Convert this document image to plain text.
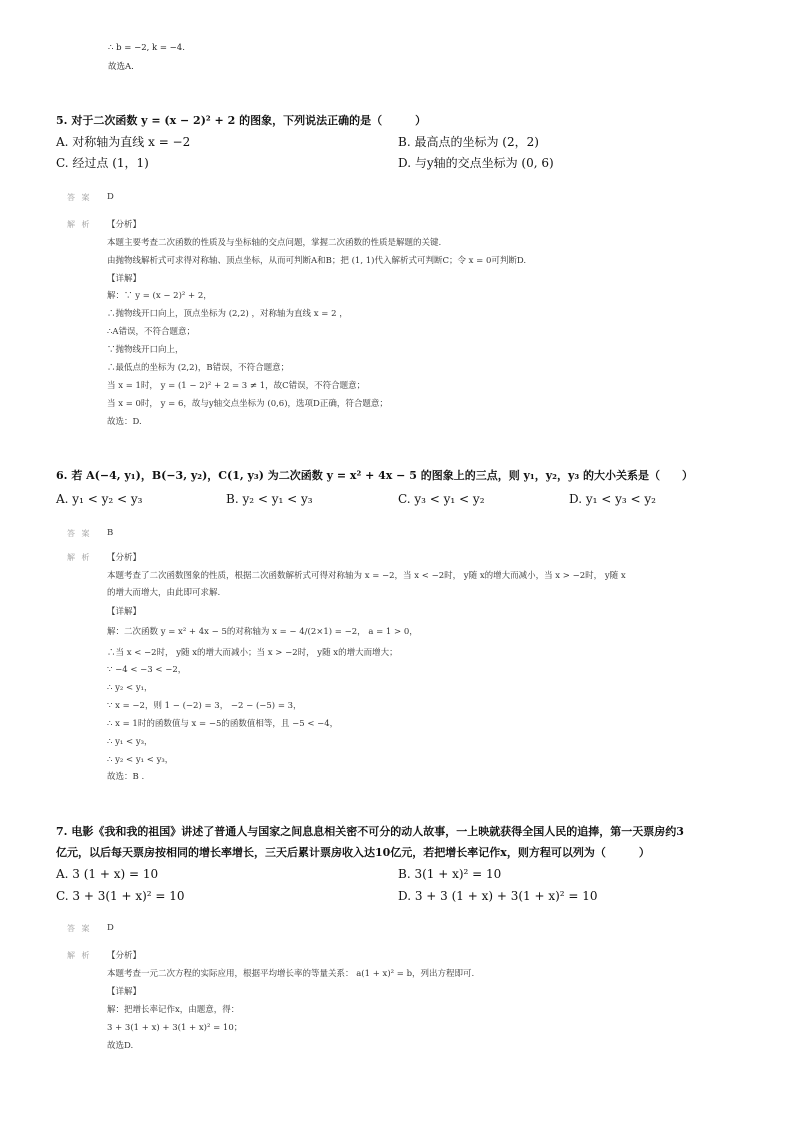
∴ b = −2, k = −4.
故选A.
5. 对于二次函数 y = (x − 2)² + 2 的图象，下列说法正确的是（　　　）
A. 对称轴为直线 x = −2	B. 最高点的坐标为 (2，2)
C. 经过点 (1，1)	D. 与y轴的交点坐标为 (0, 6)
答 案 D
解 析 【分析】
本题主要考查二次函数的性质及与坐标轴的交点问题，掌握二次函数的性质是解题的关键.
由抛物线解析式可求得对称轴、顶点坐标，从而可判断A和B；把 (1, 1)代入解析式可判断C；令 x = 0可判断D.
【详解】
解：∵ y = (x − 2)² + 2，
∴抛物线开口向上，顶点坐标为 (2,2) ，对称轴为直线 x = 2 ，
∴A错误，不符合题意；
∵抛物线开口向上，
∴最低点的坐标为 (2,2)，B错误，不符合题意；
当 x = 1时， y = (1 − 2)² + 2 = 3 ≠ 1，故C错误，不符合题意；
当 x = 0时， y = 6，故与y轴交点坐标为 (0,6)，选项D正确，符合题意；
故选：D.
6. 若 A(−4, y₁)，B(−3, y₂)，C(1, y₃) 为二次函数 y = x² + 4x − 5 的图象上的三点，则 y₁，y₂，y₃ 的大小关系是（　　）
A. y₁ < y₂ < y₃	B. y₂ < y₁ < y₃	C. y₃ < y₁ < y₂	D. y₁ < y₃ < y₂
答 案 B
解 析 【分析】
本题考查了二次函数图象的性质，根据二次函数解析式可得对称轴为 x = −2，当 x < −2时， y随 x的增大而减小，当 x > −2时， y随 x
的增大而增大，由此即可求解.
【详解】
解：二次函数 y = x² + 4x − 5的对称轴为 x = − 4/(2×1) = −2， a = 1 > 0，
∴当 x < −2时， y随 x的增大而减小；当 x > −2时， y随 x的增大而增大；
∵ −4 < −3 < −2，
∴ y₂ < y₁，
∵ x = −2，则 1 − (−2) = 3， −2 − (−5) = 3，
∴ x = 1时的函数值与 x = −5的函数值相等，且 −5 < −4，
∴ y₁ < y₃，
∴ y₂ < y₁ < y₃，
故选：B .
7. 电影《我和我的祖国》讲述了普通人与国家之间息息相关密不可分的动人故事，一上映就获得全国人民的追捧，第一天票房约3
亿元，以后每天票房按相同的增长率增长，三天后累计票房收入达10亿元，若把增长率记作x，则方程可以列为（　　　）
A. 3 (1 + x) = 10	B. 3(1 + x)² = 10
C. 3 + 3(1 + x)² = 10	D. 3 + 3 (1 + x) + 3(1 + x)² = 10
答 案 D
解 析 【分析】
本题考查一元二次方程的实际应用，根据平均增长率的等量关系： a(1 + x)² = b，列出方程即可.
【详解】
解：把增长率记作x，由题意，得：
3 + 3(1 + x) + 3(1 + x)² = 10；
故选D.
